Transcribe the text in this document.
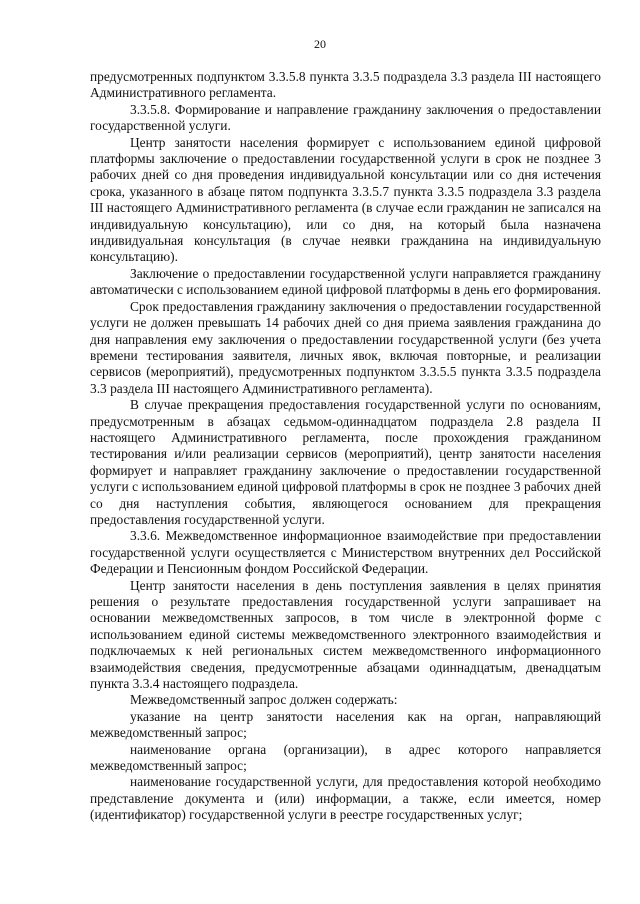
20

предусмотренных подпунктом 3.3.5.8 пункта 3.3.5 подраздела 3.3 раздела III настоящего Административного регламента.

3.3.5.8. Формирование и направление гражданину заключения о предоставлении государственной услуги.

Центр занятости населения формирует с использованием единой цифровой платформы заключение о предоставлении государственной услуги в срок не позднее 3 рабочих дней со дня проведения индивидуальной консультации или со дня истечения срока, указанного в абзаце пятом подпункта 3.3.5.7 пункта 3.3.5 подраздела 3.3 раздела III настоящего Административного регламента (в случае если гражданин не записался на индивидуальную консультацию), или со дня, на который была назначена индивидуальная консультация (в случае неявки гражданина на индивидуальную консультацию).

Заключение о предоставлении государственной услуги направляется гражданину автоматически с использованием единой цифровой платформы в день его формирования.

Срок предоставления гражданину заключения о предоставлении государственной услуги не должен превышать 14 рабочих дней со дня приема заявления гражданина до дня направления ему заключения о предоставлении государственной услуги (без учета времени тестирования заявителя, личных явок, включая повторные, и реализации сервисов (мероприятий), предусмотренных подпунктом 3.3.5.5 пункта 3.3.5 подраздела 3.3 раздела III настоящего Административного регламента).

В случае прекращения предоставления государственной услуги по основаниям, предусмотренным в абзацах седьмом-одиннадцатом подраздела 2.8 раздела II настоящего Административного регламента, после прохождения гражданином тестирования и/или реализации сервисов (мероприятий), центр занятости населения формирует и направляет гражданину заключение о предоставлении государственной услуги с использованием единой цифровой платформы в срок не позднее 3 рабочих дней со дня наступления события, являющегося основанием для прекращения предоставления государственной услуги.

3.3.6. Межведомственное информационное взаимодействие при предоставлении государственной услуги осуществляется с Министерством внутренних дел Российской Федерации и Пенсионным фондом Российской Федерации.

Центр занятости населения в день поступления заявления в целях принятия решения о результате предоставления государственной услуги запрашивает на основании межведомственных запросов, в том числе в электронной форме с использованием единой системы межведомственного электронного взаимодействия и подключаемых к ней региональных систем межведомственного информационного взаимодействия сведения, предусмотренные абзацами одиннадцатым, двенадцатым пункта 3.3.4 настоящего подраздела.

Межведомственный запрос должен содержать:

указание на центр занятости населения как на орган, направляющий межведомственный запрос;

наименование органа (организации), в адрес которого направляется межведомственный запрос;

наименование государственной услуги, для предоставления которой необходимо представление документа и (или) информации, а также, если имеется, номер (идентификатор) государственной услуги в реестре государственных услуг;
